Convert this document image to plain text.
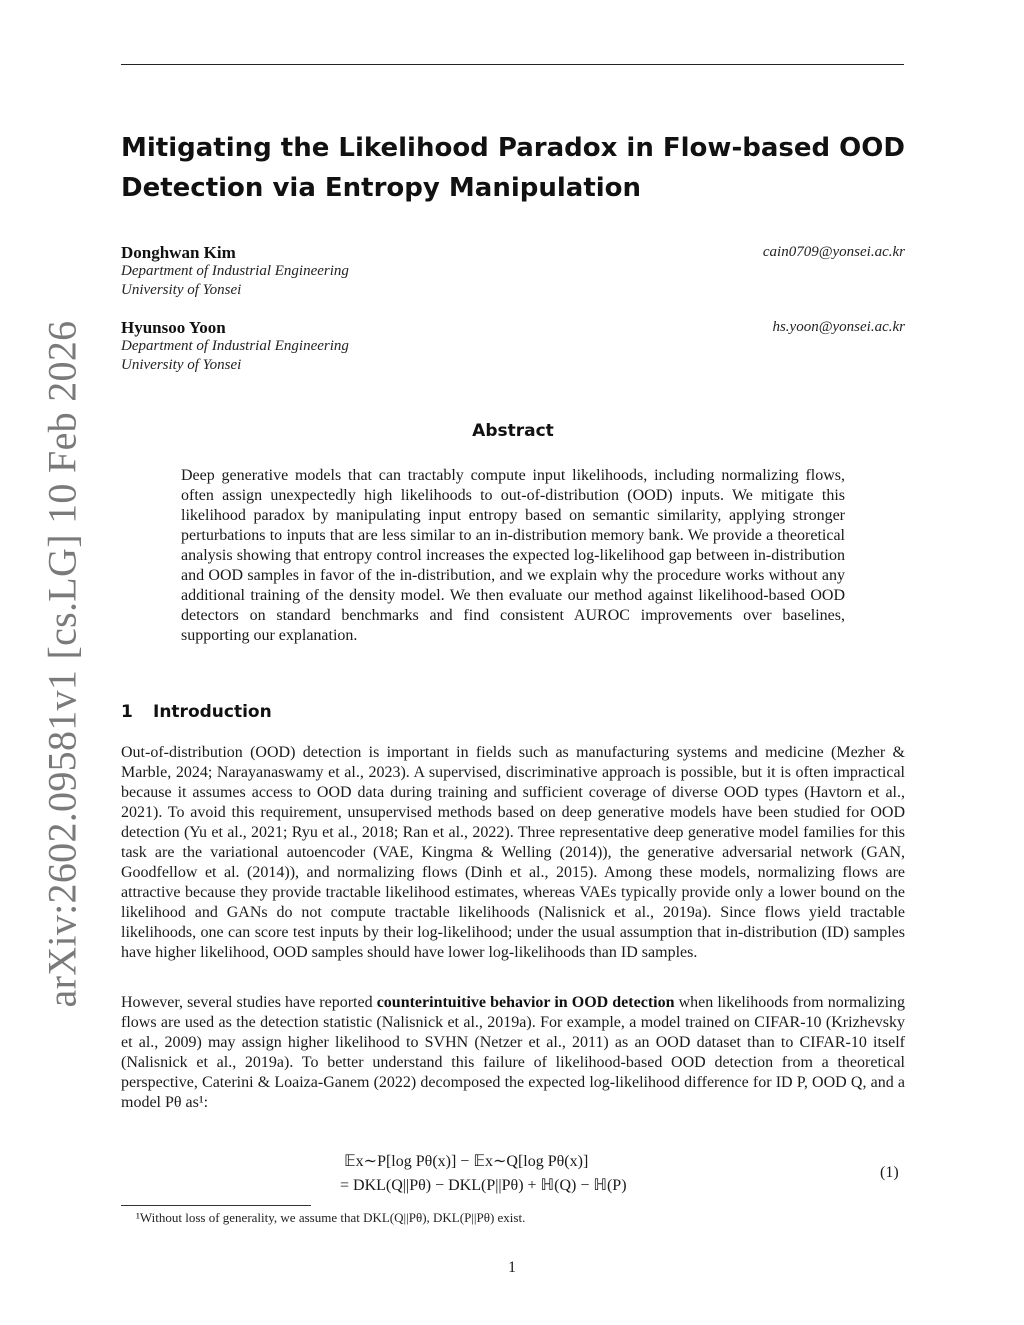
arXiv:2602.09581v1 [cs.LG] 10 Feb 2026
Mitigating the Likelihood Paradox in Flow-based OOD Detection via Entropy Manipulation
Donghwan Kim	cain0709@yonsei.ac.kr
Department of Industrial Engineering
University of Yonsei
Hyunsoo Yoon	hs.yoon@yonsei.ac.kr
Department of Industrial Engineering
University of Yonsei
Abstract

Deep generative models that can tractably compute input likelihoods, including normalizing flows, often assign unexpectedly high likelihoods to out-of-distribution (OOD) inputs. We mitigate this likelihood paradox by manipulating input entropy based on semantic similarity, applying stronger perturbations to inputs that are less similar to an in-distribution memory bank. We provide a theoretical analysis showing that entropy control increases the expected log-likelihood gap between in-distribution and OOD samples in favor of the in-distribution, and we explain why the procedure works without any additional training of the density model. We then evaluate our method against likelihood-based OOD detectors on standard benchmarks and find consistent AUROC improvements over baselines, supporting our explanation.

1 Introduction

Out-of-distribution (OOD) detection is important in fields such as manufacturing systems and medicine (Mezher & Marble, 2024; Narayanaswamy et al., 2023). A supervised, discriminative approach is possible, but it is often impractical because it assumes access to OOD data during training and sufficient coverage of diverse OOD types (Havtorn et al., 2021). To avoid this requirement, unsupervised methods based on deep generative models have been studied for OOD detection (Yu et al., 2021; Ryu et al., 2018; Ran et al., 2022). Three representative deep generative model families for this task are the variational autoencoder (VAE, Kingma & Welling (2014)), the generative adversarial network (GAN, Goodfellow et al. (2014)), and normalizing flows (Dinh et al., 2015). Among these models, normalizing flows are attractive because they provide tractable likelihood estimates, whereas VAEs typically provide only a lower bound on the likelihood and GANs do not compute tractable likelihoods (Nalisnick et al., 2019a). Since flows yield tractable likelihoods, one can score test inputs by their log-likelihood; under the usual assumption that in-distribution (ID) samples have higher likelihood, OOD samples should have lower log-likelihoods than ID samples.

However, several studies have reported counterintuitive behavior in OOD detection when likelihoods from normalizing flows are used as the detection statistic (Nalisnick et al., 2019a). For example, a model trained on CIFAR-10 (Krizhevsky et al., 2009) may assign higher likelihood to SVHN (Netzer et al., 2011) as an OOD dataset than to CIFAR-10 itself (Nalisnick et al., 2019a). To better understand this failure of likelihood-based OOD detection from a theoretical perspective, Caterini & Loaiza-Ganem (2022) decomposed the expected log-likelihood difference for ID P, OOD Q, and a model Pθ as¹:

𝔼x∼P[log Pθ(x)] − 𝔼x∼Q[log Pθ(x)]
= DKL(Q||Pθ) − DKL(P||Pθ) + ℍ(Q) − ℍ(P)
(1)
¹Without loss of generality, we assume that DKL(Q||Pθ), DKL(P||Pθ) exist.
1
